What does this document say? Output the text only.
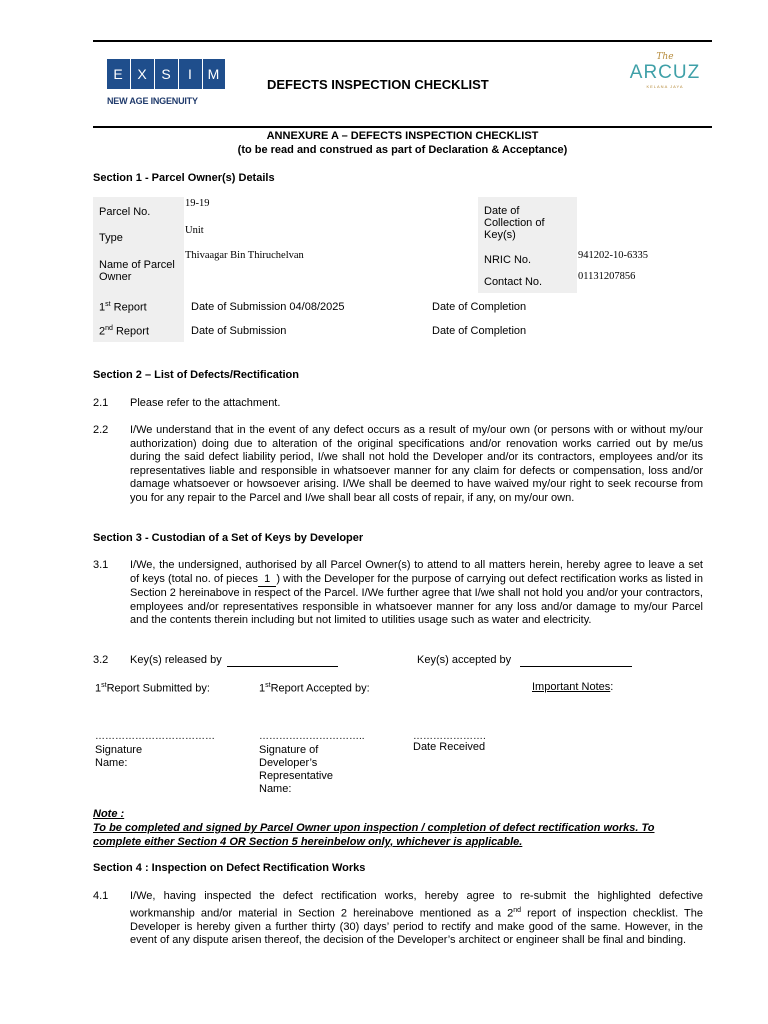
E X S	I	M
NEW AGE INGENUITY
DEFECTS INSPECTION CHECKLIST
The
ARCUZ
KELANA JAYA
ANNEXURE A – DEFECTS INSPECTION CHECKLIST
(to be read and construed as part of Declaration & Acceptance)
Section 1 - Parcel Owner(s) Details
Parcel No.
19-19
Type
Unit
Name of Parcel Owner
Thivaagar Bin Thiruchelvan
Date of Collection of Key(s)
NRIC No.	941202-10-6335
Contact No.	01131207856
1st Report	Date of Submission 04/08/2025	Date of Completion
2nd Report	Date of Submission	Date of Completion
Section 2 – List of Defects/Rectification
2.1 Please refer to the attachment.
2.2 I/We understand that in the event of any defect occurs as a result of my/our own (or persons with or without my/our authorization) doing due to alteration of the original specifications and/or renovation works carried out by me/us during the said defect liability period, I/we shall not hold the Developer and/or its contractors, employees and/or its representatives liable and responsible in whatsoever manner for any claim for defects or compensation, loss and/or damage whatsoever or howsoever arising. I/We shall be deemed to have waived my/our right to seek recourse from you for any repair to the Parcel and I/we shall bear all costs of repair, if any, on my/our own.
Section 3 - Custodian of a Set of Keys by Developer
3.1 I/We, the undersigned, authorised by all Parcel Owner(s) to attend to all matters herein, hereby agree to leave a set of keys (total no. of pieces  1  ) with the Developer for the purpose of carrying out defect rectification works as listed in Section 2 hereinabove in respect of the Parcel. I/We further agree that I/we shall not hold you and/or your contractors, employees and/or representatives responsible in whatsoever manner for any loss and/or damage to my/our Parcel and the contents therein including but not limited to utilities usage such as water and electricity.
3.2 Key(s) released by	Key(s) accepted by
1stReport Submitted by:	1stReport Accepted by:	Important Notes:
………………………………	…………………………..	………………….
Signature
Name:
Signature of
Developer’s
Representative
Name:
Date Received
Note :
To be completed and signed by Parcel Owner upon inspection / completion of defect rectification works. To complete either Section 4 OR Section 5 hereinbelow only, whichever is applicable.
Section 4 : Inspection on Defect Rectification Works
4.1 I/We, having inspected the defect rectification works, hereby agree to re-submit the highlighted defective workmanship and/or material in Section 2 hereinabove mentioned as a 2nd report of inspection checklist. The Developer is hereby given a further thirty (30) days’ period to rectify and make good of the same. However, in the event of any dispute arisen thereof, the decision of the Developer’s architect or engineer shall be final and binding.
